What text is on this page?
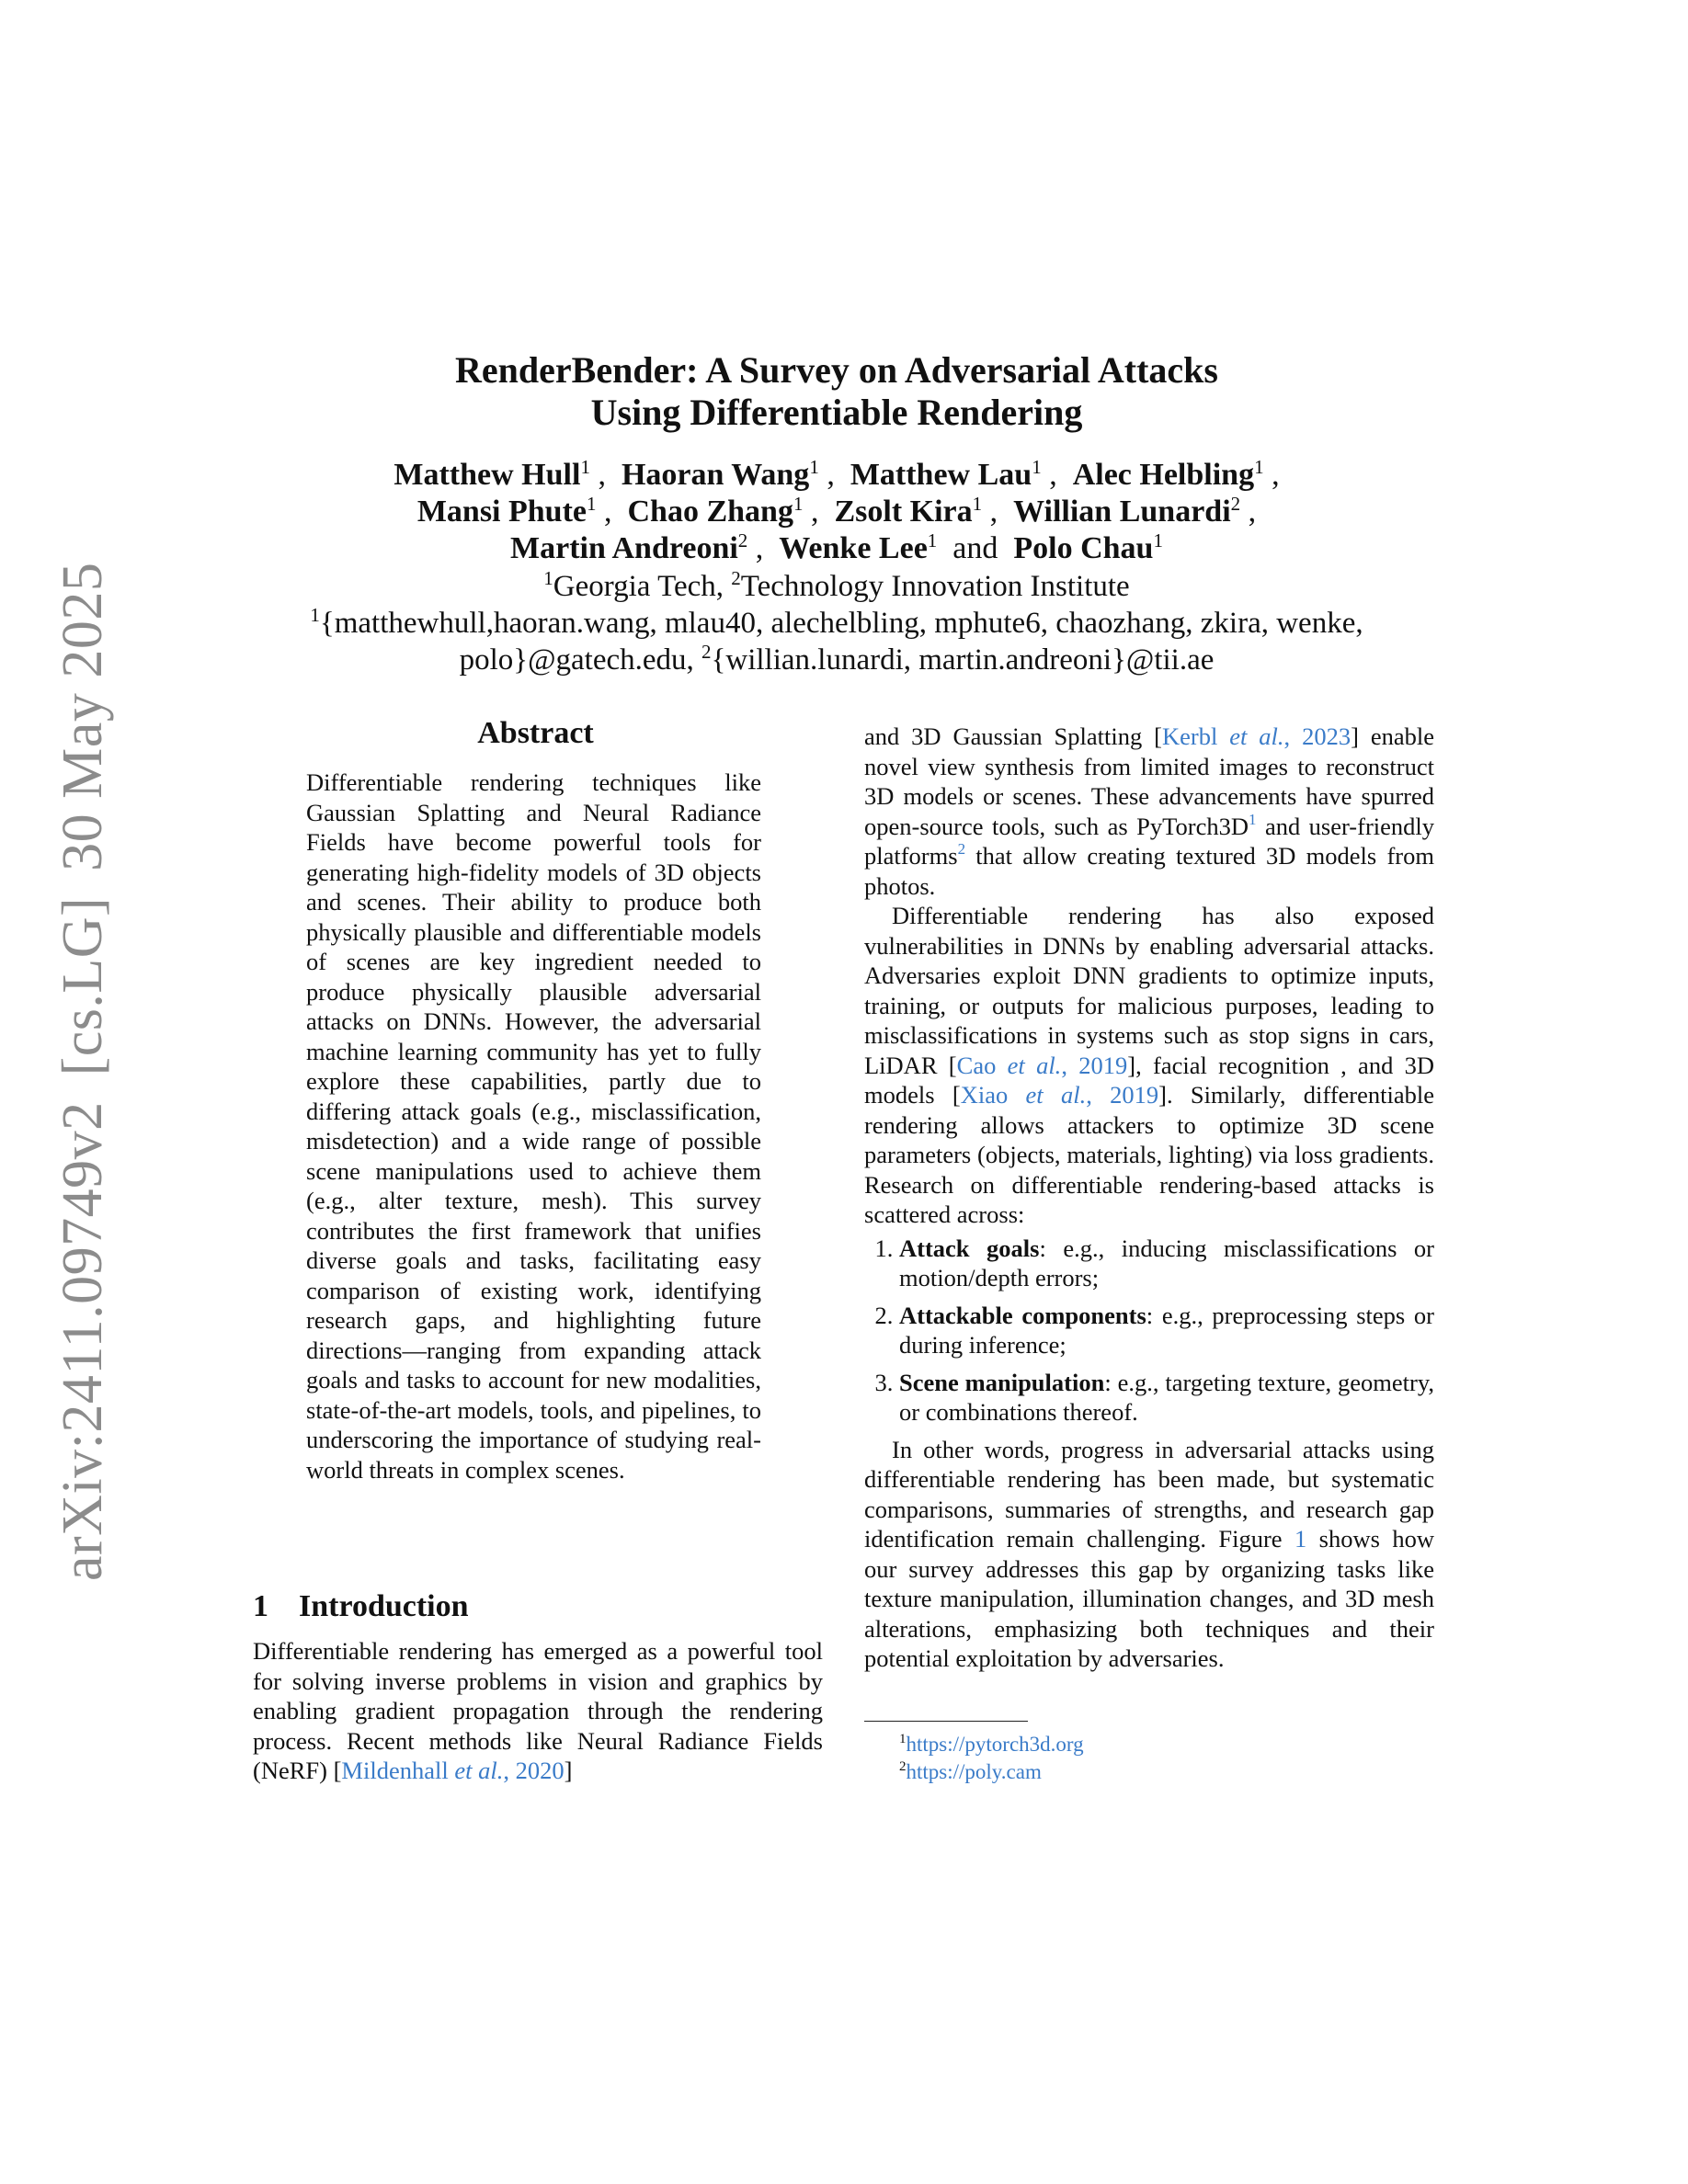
arXiv:2411.09749v2[cs.LG]30 May 2025
RenderBender: A Survey on Adversarial Attacks
Using Differentiable Rendering
Matthew Hull$^1$ ,  Haoran Wang$^1$ ,  Matthew Lau$^1$ ,  Alec Helbling$^1$ ,
Mansi Phute$^1$ ,  Chao Zhang$^1$ ,  Zsolt Kira$^1$ ,  Willian Lunardi$^2$ ,
Martin Andreoni$^2$ ,  Wenke Lee$^1$ and Polo Chau$^1$
$^1$Georgia Tech, $^2$Technology Innovation Institute
$^1${matthewhull,haoran.wang, mlau40, alechelbling, mphute6, chaozhang, zkira, wenke,
polo}@gatech.edu, $^2${willian.lunardi, martin.andreoni}@tii.ae
Abstract
Differentiable rendering techniques like Gaussian Splatting and Neural Radiance Fields have become powerful tools for generating high-fidelity models of 3D objects and scenes. Their ability to produce both physically plausible and differentiable models of scenes are key ingredient needed to produce physically plausible adversarial attacks on DNNs. However, the adversarial machine learning community has yet to fully explore these capabilities, partly due to differing attack goals (e.g., misclassification, misdetection) and a wide range of possible scene manipulations used to achieve them (e.g., alter texture, mesh). This survey contributes the first framework that unifies diverse goals and tasks, facilitating easy comparison of existing work, identifying research gaps, and highlighting future directions—ranging from expanding attack goals and tasks to account for new modalities, state-of-the-art models, tools, and pipelines, to underscoring the importance of studying real-world threats in complex scenes.
1 Introduction
Differentiable rendering has emerged as a powerful tool for solving inverse problems in vision and graphics by enabling gradient propagation through the rendering process. Recent methods like Neural Radiance Fields (NeRF) [Mildenhall et al., 2020]

and 3D Gaussian Splatting [Kerbl et al., 2023] enable novel view synthesis from limited images to reconstruct 3D models or scenes. These advancements have spurred open-source tools, such as PyTorch3D$^1$ and user-friendly platforms$^2$ that allow creating textured 3D models from photos.

Differentiable rendering has also exposed vulnerabilities in DNNs by enabling adversarial attacks. Adversaries exploit DNN gradients to optimize inputs, training, or outputs for malicious purposes, leading to misclassifications in systems such as stop signs in cars, LiDAR [Cao et al., 2019], facial recognition , and 3D models [Xiao et al., 2019]. Similarly, differentiable rendering allows attackers to optimize 3D scene parameters (objects, materials, lighting) via loss gradients. Research on differentiable rendering-based attacks is scattered across:

1. Attack goals: e.g., inducing misclassifications or motion/depth errors;
2. Attackable components: e.g., preprocessing steps or during inference;
3. Scene manipulation: e.g., targeting texture, geometry, or combinations thereof.

In other words, progress in adversarial attacks using differentiable rendering has been made, but systematic comparisons, summaries of strengths, and research gap identification remain challenging. Figure 1 shows how our survey addresses this gap by organizing tasks like texture manipulation, illumination changes, and 3D mesh alterations, emphasizing both techniques and their potential exploitation by adversaries.

$^1$https://pytorch3d.org
$^2$https://poly.cam
